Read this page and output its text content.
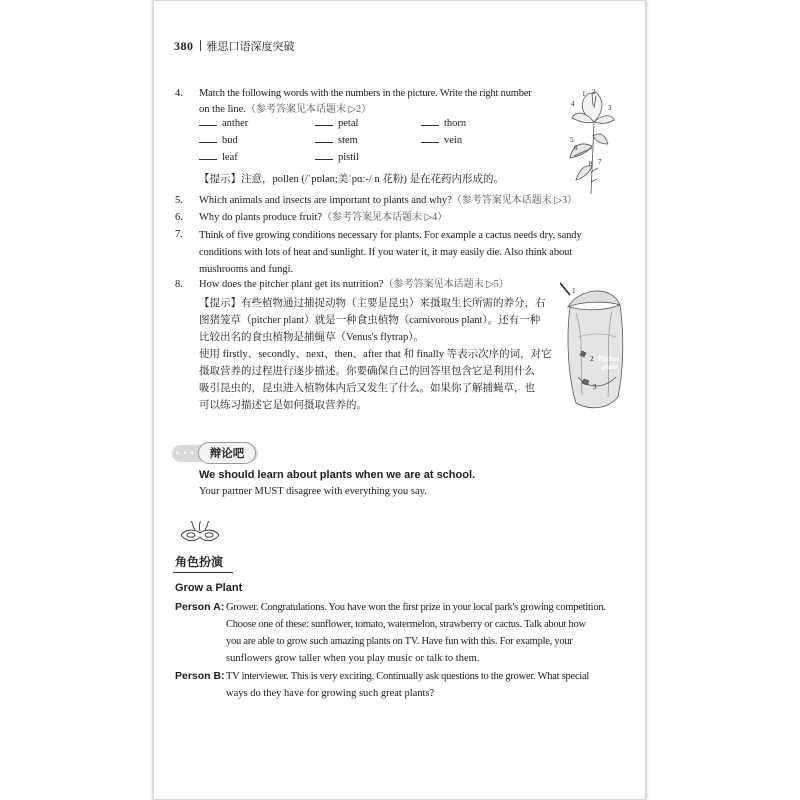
380 雅思口语深度突破
4.	Match the following words with the numbers in the picture. Write the right number
on the line.（参考答案见本话题末 ▷2）
anther	petal	thorn
bud	stem	vein
leaf	pistil
【提示】注意，pollen (/ˈpɒlən;美ˈpɑː-/ n 花粉) 是在花药内形成的。
1 2
3
4
5
6
7
8
5.	Which animals and insects are important to plants and why?（参考答案见本话题末 ▷3）
6.	Why do plants produce fruit?（参考答案见本话题末 ▷4）
7.	Think of five growing conditions necessary for plants. For example a cactus needs dry, sandy
conditions with lots of heat and sunlight. If you water it, it may easily die. Also think about
mushrooms and fungi.
8.	How does the pitcher plant get its nutrition?（参考答案见本话题末 ▷5）
【提示】有些植物通过捕捉动物（主要是昆虫）来摄取生长所需的养分，右
图猪笼草（pitcher plant）就是一种食虫植物（carnivorous plant）。还有一种
比较出名的食虫植物是捕蝇草（Venus's flytrap）。
使用 firstly、secondly、next、then、after that 和 finally 等表示次序的词，对它
摄取营养的过程进行逐步描述。你要确保自己的回答里包含它是利用什么
吸引昆虫的，昆虫进入植物体内后又发生了什么。如果你了解捕蝇草，也
可以练习描述它是如何摄取营养的。
1
2
3
Pitcher
plant
• • •	辩论吧
We should learn about plants when we are at school.
Your partner MUST disagree with everything you say.
角色扮演
Grow a Plant
Person A: Grower. Congratulations. You have won the first prize in your local park's growing competition.
Choose one of these: sunflower, tomato, watermelon, strawberry or cactus. Talk about how
you are able to grow such amazing plants on TV. Have fun with this. For example, your
sunflowers grow taller when you play music or talk to them.
Person B: TV interviewer. This is very exciting. Continually ask questions to the grower. What special
ways do they have for growing such great plants?
